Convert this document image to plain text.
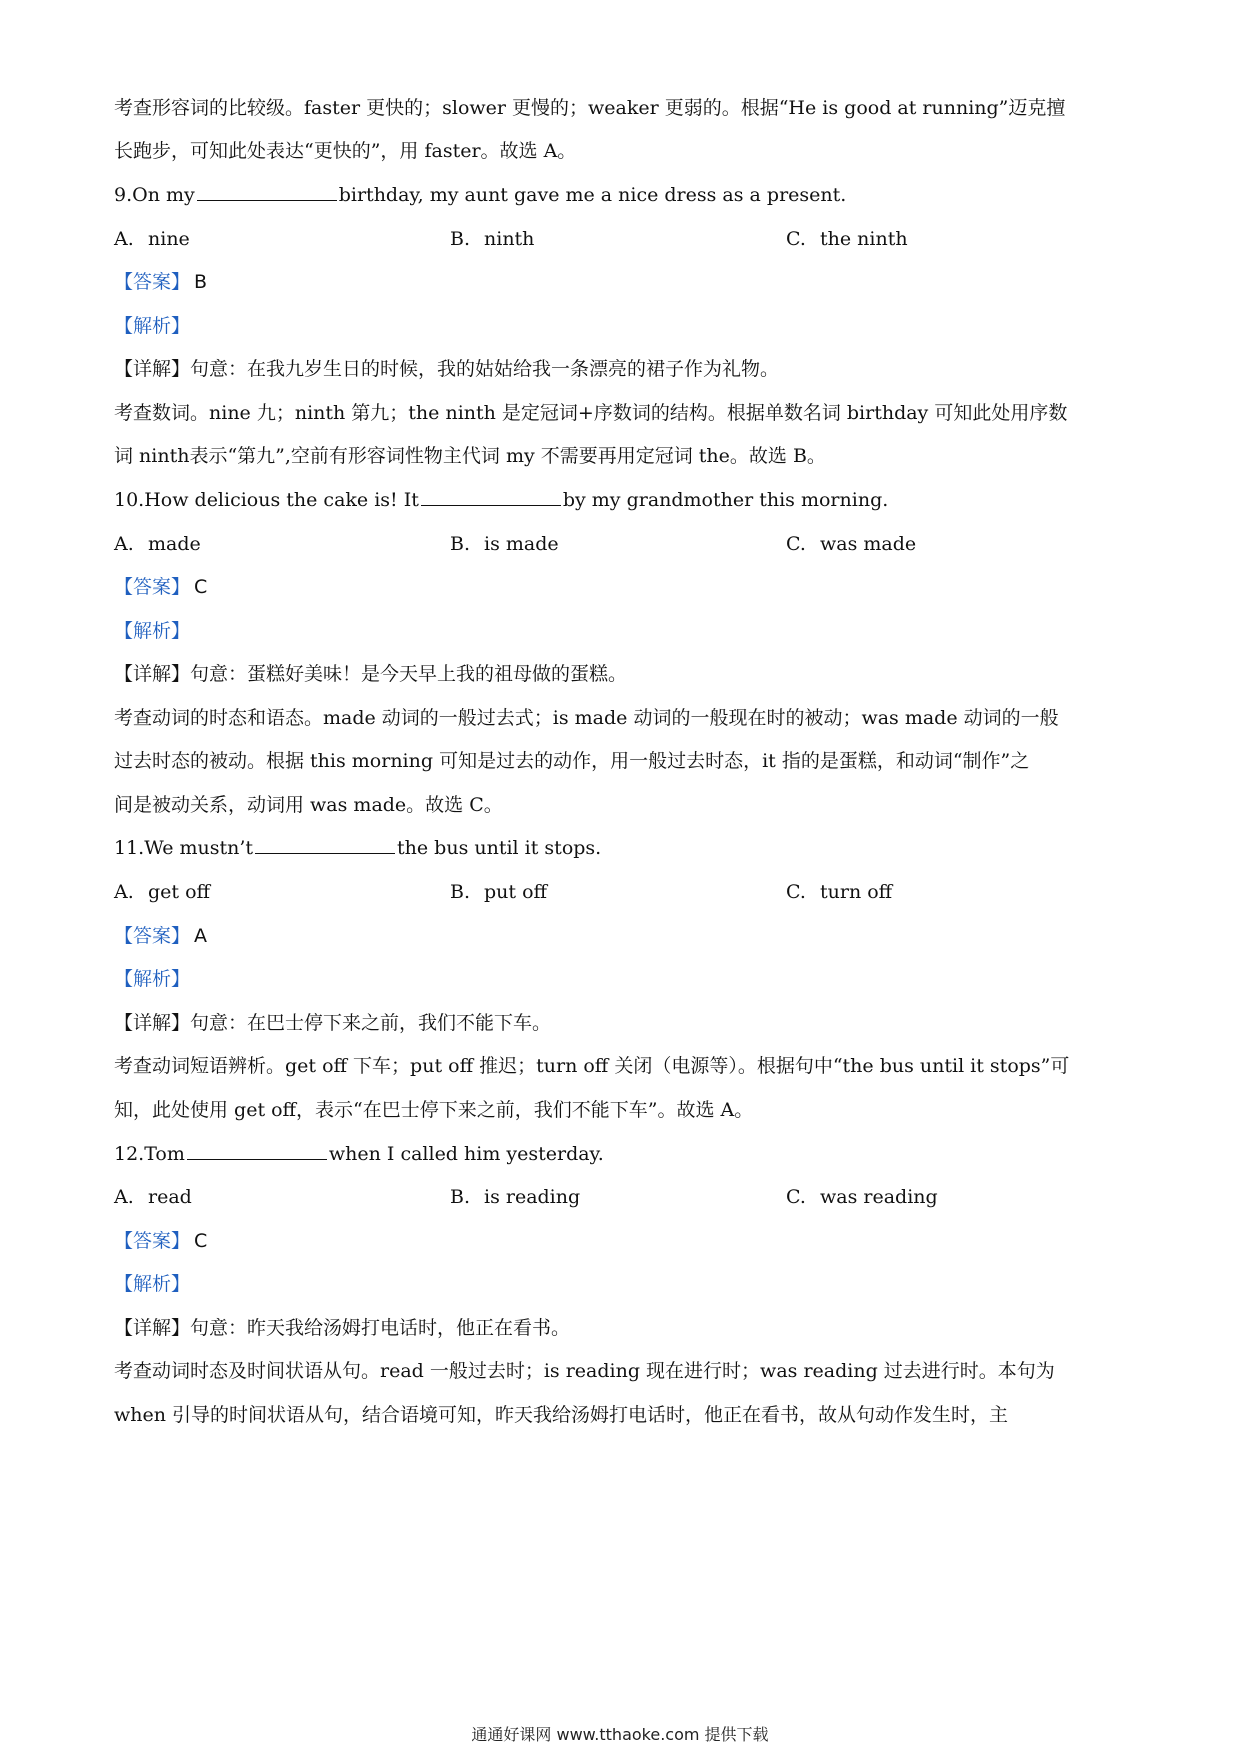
考查形容词的比较级。faster 更快的；slower 更慢的；weaker 更弱的。根据“He is good at running”迈克擅
长跑步，可知此处表达“更快的”，用 faster。故选 A。
9.On my	birthday, my aunt gave me a nice dress as a present.
A. nine	B. ninth	C. the ninth
【答案】 B
【解析】
【详解】句意：在我九岁生日的时候，我的姑姑给我一条漂亮的裙子作为礼物。
考查数词。nine 九；ninth 第九；the ninth 是定冠词+序数词的结构。根据单数名词 birthday 可知此处用序数
词 ninth表示“第九”,空前有形容词性物主代词 my 不需要再用定冠词 the。故选 B。
10.How delicious the cake is! It	by my grandmother this morning.
A. made	B. is made	C. was made
【答案】 C
【解析】
【详解】句意：蛋糕好美味！是今天早上我的祖母做的蛋糕。
考查动词的时态和语态。made 动词的一般过去式；is made 动词的一般现在时的被动；was made 动词的一般
过去时态的被动。根据 this morning 可知是过去的动作，用一般过去时态，it 指的是蛋糕，和动词“制作”之
间是被动关系，动词用 was made。故选 C。
11.We mustn’t	the bus until it stops.
A. get off	B. put off	C. turn off
【答案】 A
【解析】
【详解】句意：在巴士停下来之前，我们不能下车。
考查动词短语辨析。get off 下车；put off 推迟；turn off 关闭（电源等）。根据句中“the bus until it stops”可
知，此处使用 get off，表示“在巴士停下来之前，我们不能下车”。故选 A。
12.Tom	when I called him yesterday.
A. read	B. is reading	C. was reading
【答案】 C
【解析】
【详解】句意：昨天我给汤姆打电话时，他正在看书。
考查动词时态及时间状语从句。read 一般过去时；is reading 现在进行时；was reading 过去进行时。本句为
when 引导的时间状语从句，结合语境可知，昨天我给汤姆打电话时，他正在看书，故从句动作发生时，主
通通好课网 www.tthaoke.com 提供下载
